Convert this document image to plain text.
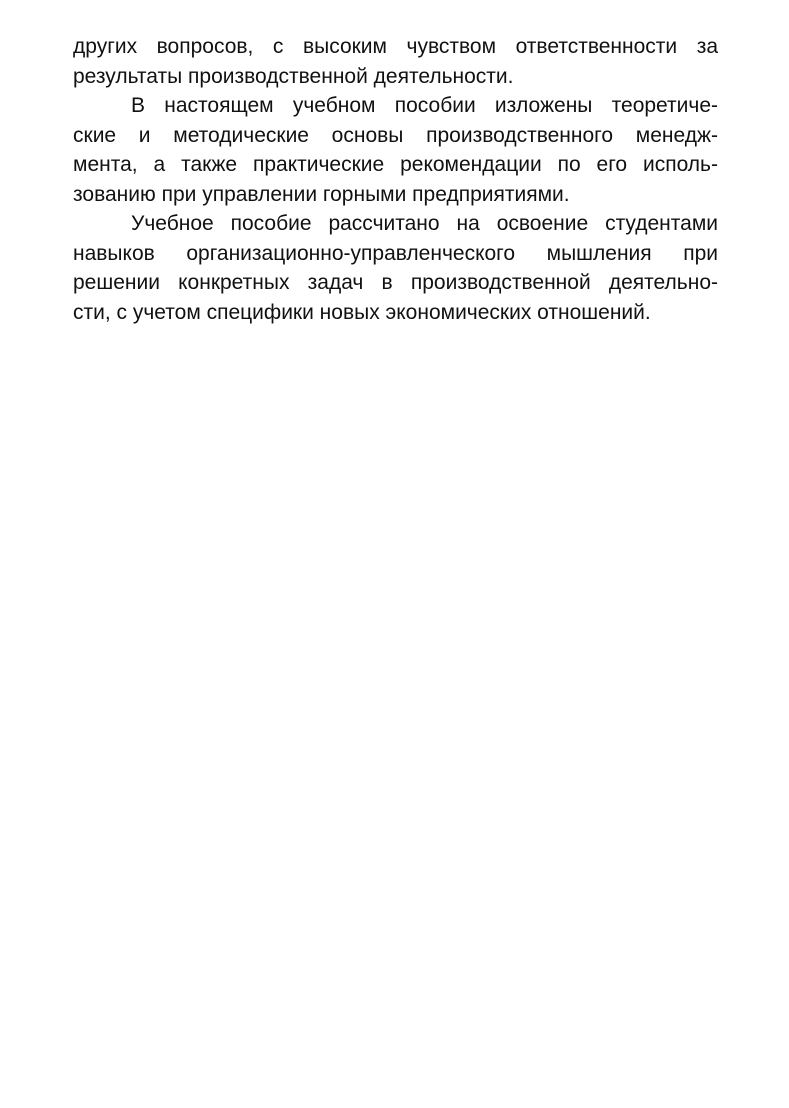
других вопросов, с высоким чувством ответственности за
результаты производственной деятельности.
В настоящем учебном пособии изложены теоретиче-
ские и методические основы производственного менедж-
мента, а также практические рекомендации по его исполь-
зованию при управлении горными предприятиями.
Учебное пособие рассчитано на освоение студентами
навыков организационно-управленческого мышления при
решении конкретных задач в производственной деятельно-
сти, с учетом специфики новых экономических отношений.
